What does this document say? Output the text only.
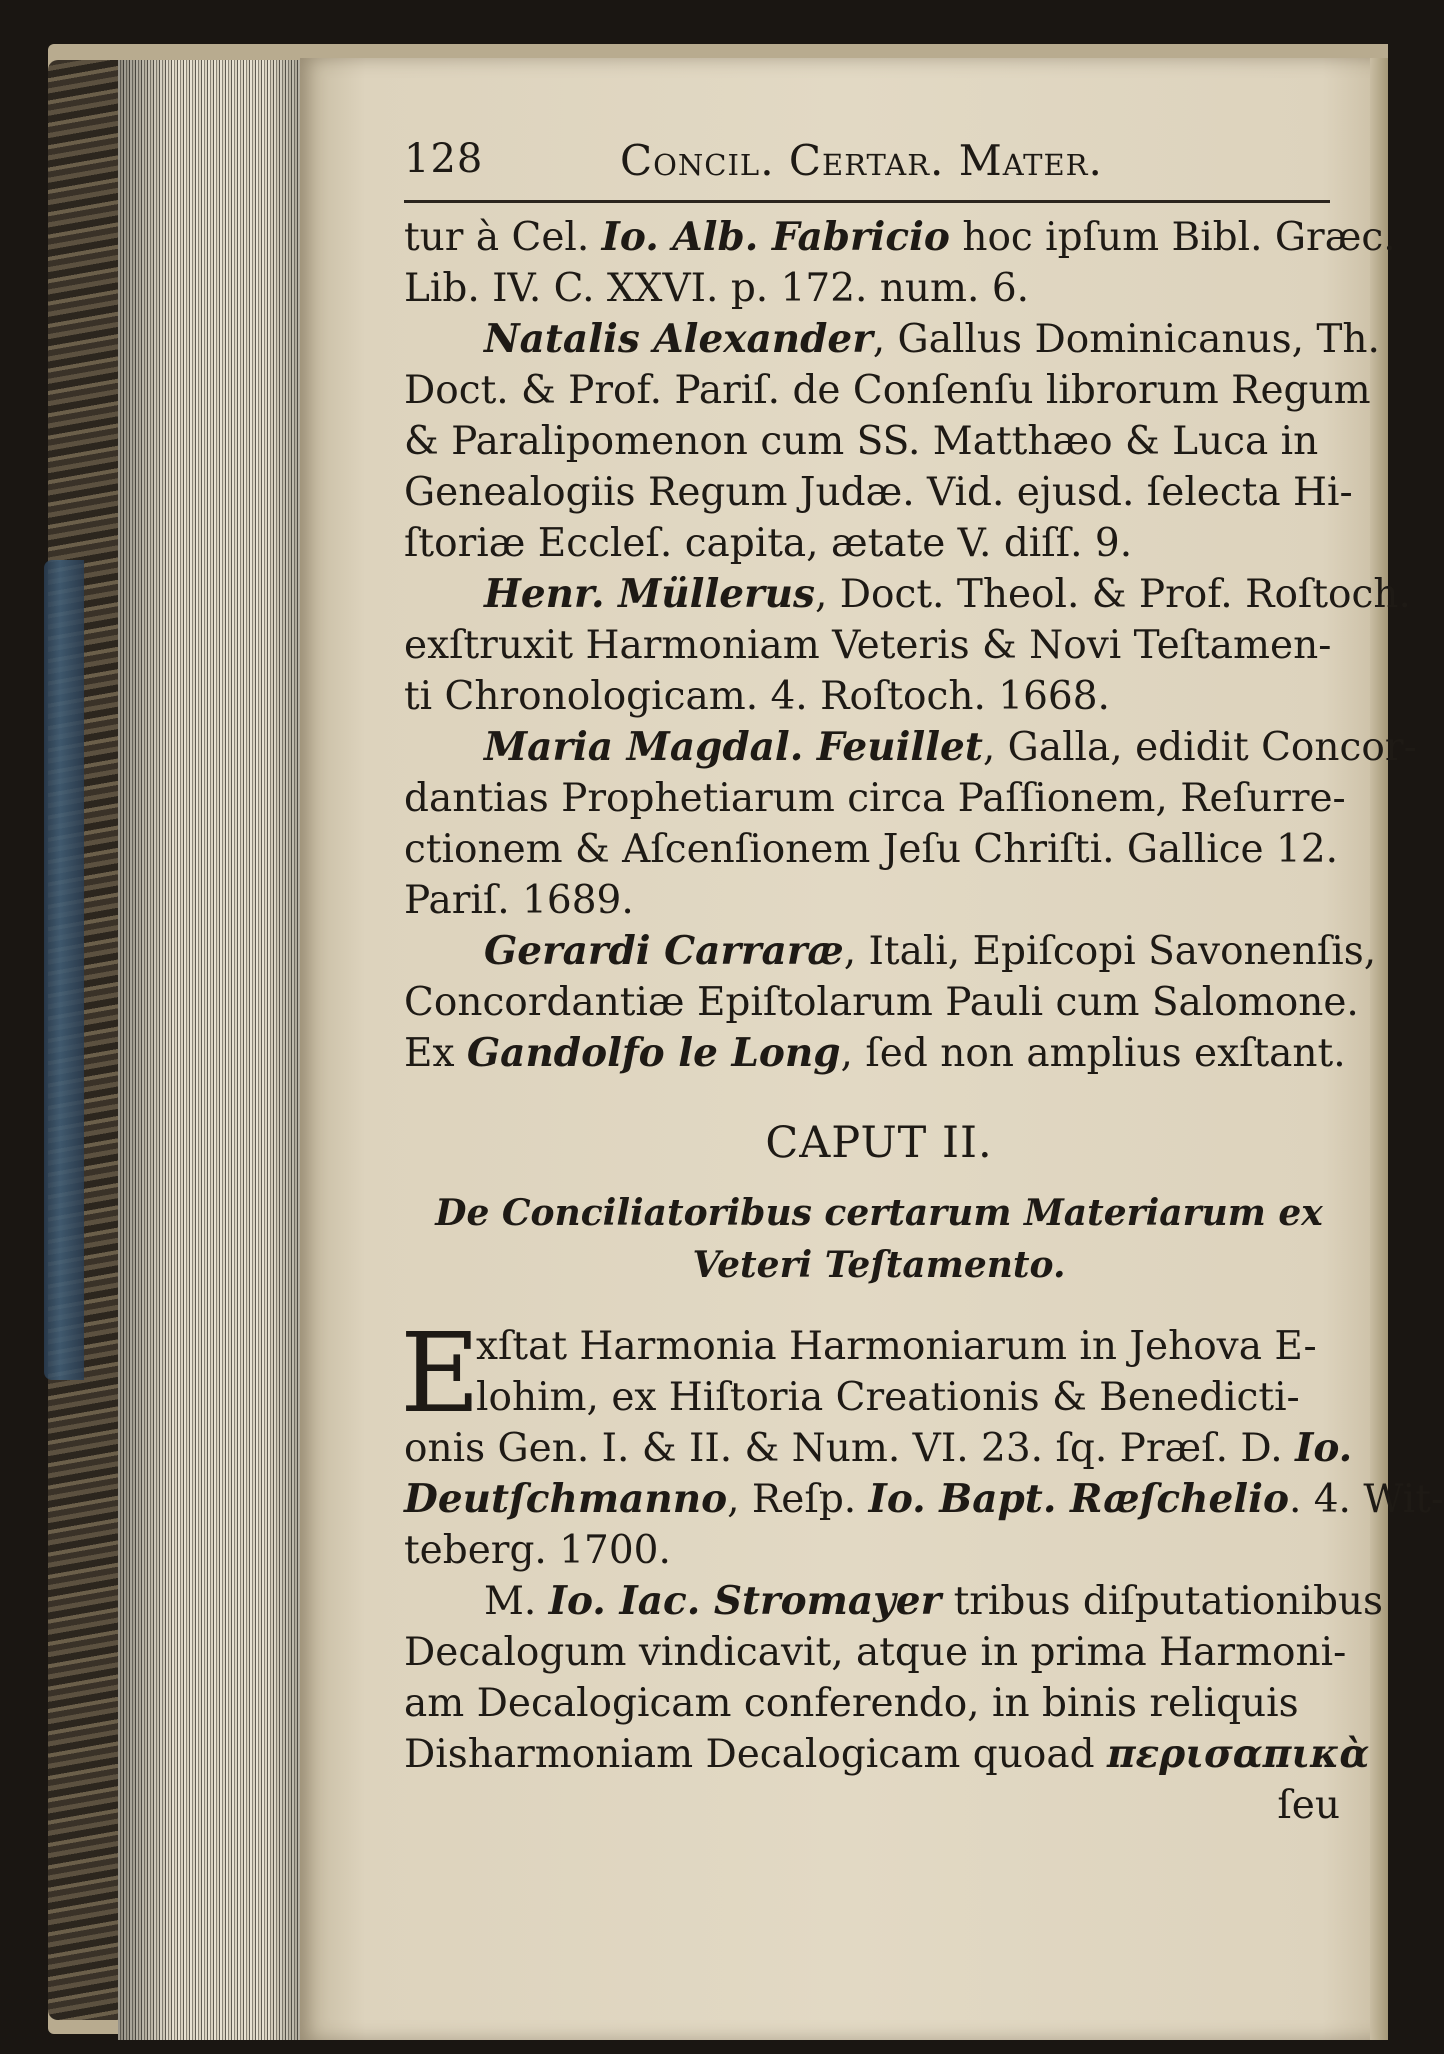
128	Concil. Certar. Mater.
tur à Cel. Io. Alb. Fabricio hoc ipſum Bibl. Græc.
Lib. IV. C. XXVI. p. 172. num. 6.
Natalis Alexander, Gallus Dominicanus, Th.
Doct. & Prof. Pariſ. de Conſenſu librorum Regum
& Paralipomenon cum SS. Matthæo & Luca in
Genealogiis Regum Judæ. Vid. ejusd. ſelecta Hi-
ſtoriæ Eccleſ. capita, ætate V. diſſ. 9.
Henr. Müllerus, Doct. Theol. & Prof. Roſtoch.
exſtruxit Harmoniam Veteris & Novi Teſtamen-
ti Chronologicam. 4. Roſtoch. 1668.
Maria Magdal. Feuillet, Galla, edidit Concor-
dantias Prophetiarum circa Paſſionem, Reſurre-
ctionem & Aſcenſionem Jeſu Chriſti. Gallice 12.
Pariſ. 1689.
Gerardi Carraræ, Itali, Epiſcopi Savonenſis,
Concordantiæ Epiſtolarum Pauli cum Salomone.
Ex Gandolfo le Long, ſed non amplius exſtant.
CAPUT II.
De Conciliatoribus certarum Materiarum ex
Veteri Teſtamento.
E
xſtat Harmonia Harmoniarum in Jehova E-
lohim, ex Hiſtoria Creationis & Benedicti-
onis Gen. I. & II. & Num. VI. 23. ſq. Præſ. D. Io.
Deutſchmanno, Reſp. Io. Bapt. Ræſchelio. 4. Wit-
teberg. 1700.
M. Io. Iac. Stromayer tribus diſputationibus
Decalogum vindicavit, atque in prima Harmoni-
am Decalogicam conferendo, in binis reliquis
Disharmoniam Decalogicam quoad περισαπικὰ
ſeu
